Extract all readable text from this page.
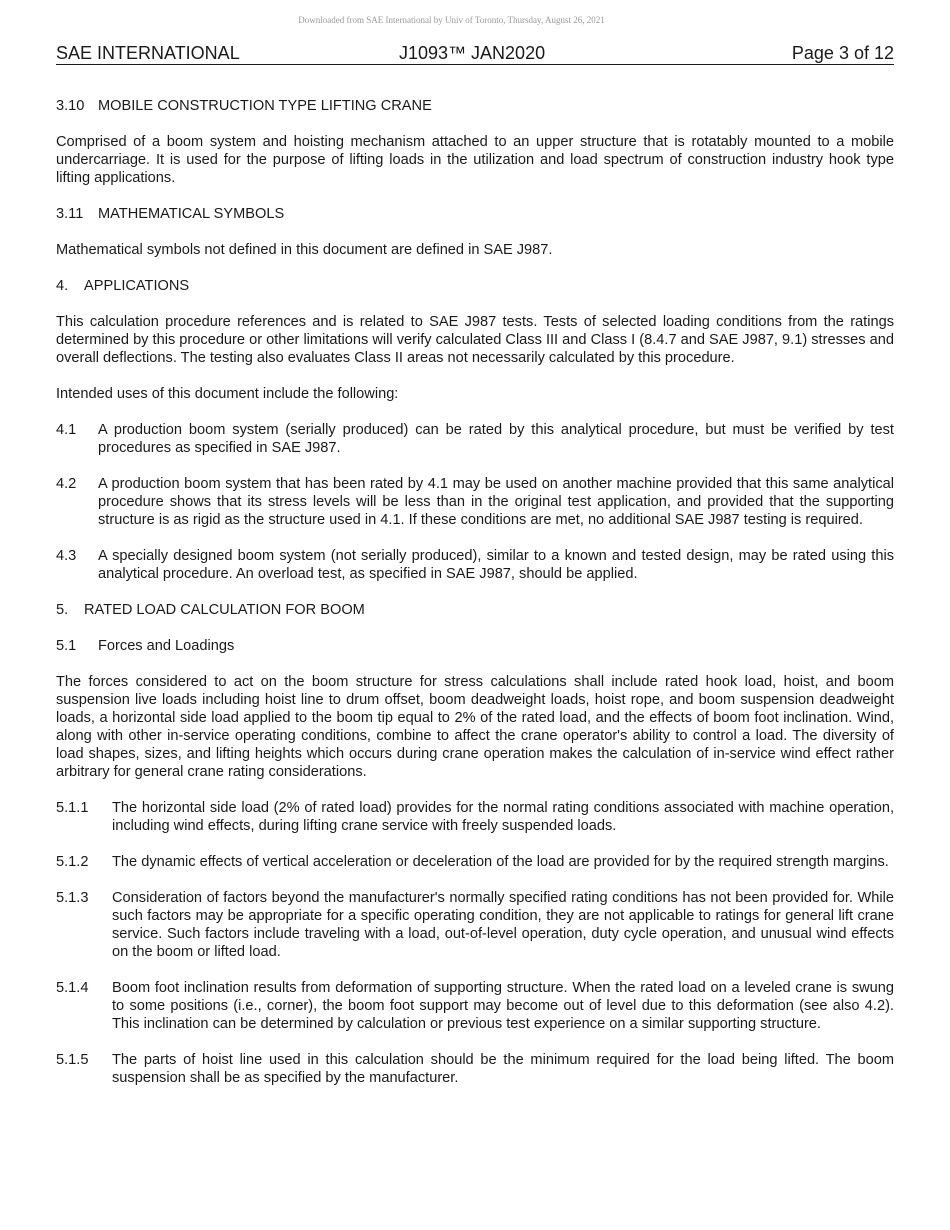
Downloaded from SAE International by Univ of Toronto, Thursday, August 26, 2021
SAE INTERNATIONAL	J1093™ JAN2020	Page 3 of 12
3.10 MOBILE CONSTRUCTION TYPE LIFTING CRANE

Comprised of a boom system and hoisting mechanism attached to an upper structure that is rotatably mounted to a mobile undercarriage. It is used for the purpose of lifting loads in the utilization and load spectrum of construction industry hook type lifting applications.

3.11	MATHEMATICAL SYMBOLS

Mathematical symbols not defined in this document are defined in SAE J987.

4.	APPLICATIONS

This calculation procedure references and is related to SAE J987 tests. Tests of selected loading conditions from the ratings determined by this procedure or other limitations will verify calculated Class III and Class I (8.4.7 and SAE J987, 9.1) stresses and overall deflections. The testing also evaluates Class II areas not necessarily calculated by this procedure.

Intended uses of this document include the following:

4.1	A production boom system (serially produced) can be rated by this analytical procedure, but must be verified by test procedures as specified in SAE J987.
4.2	A production boom system that has been rated by 4.1 may be used on another machine provided that this same analytical procedure shows that its stress levels will be less than in the original test application, and provided that the supporting structure is as rigid as the structure used in 4.1. If these conditions are met, no additional SAE J987 testing is required.
4.3	A specially designed boom system (not serially produced), similar to a known and tested design, may be rated using this analytical procedure. An overload test, as specified in SAE J987, should be applied.
5.	RATED LOAD CALCULATION FOR BOOM
5.1	Forces and Loadings

The forces considered to act on the boom structure for stress calculations shall include rated hook load, hoist, and boom suspension live loads including hoist line to drum offset, boom deadweight loads, hoist rope, and boom suspension deadweight loads, a horizontal side load applied to the boom tip equal to 2% of the rated load, and the effects of boom foot inclination. Wind, along with other in-service operating conditions, combine to affect the crane operator's ability to control a load. The diversity of load shapes, sizes, and lifting heights which occurs during crane operation makes the calculation of in-service wind effect rather arbitrary for general crane rating considerations.

5.1.1	The horizontal side load (2% of rated load) provides for the normal rating conditions associated with machine operation, including wind effects, during lifting crane service with freely suspended loads.
5.1.2	The dynamic effects of vertical acceleration or deceleration of the load are provided for by the required strength margins.
5.1.3	Consideration of factors beyond the manufacturer's normally specified rating conditions has not been provided for. While such factors may be appropriate for a specific operating condition, they are not applicable to ratings for general lift crane service. Such factors include traveling with a load, out-of-level operation, duty cycle operation, and unusual wind effects on the boom or lifted load.
5.1.4	Boom foot inclination results from deformation of supporting structure. When the rated load on a leveled crane is swung to some positions (i.e., corner), the boom foot support may become out of level due to this deformation (see also 4.2). This inclination can be determined by calculation or previous test experience on a similar supporting structure.
5.1.5	The parts of hoist line used in this calculation should be the minimum required for the load being lifted. The boom suspension shall be as specified by the manufacturer.
